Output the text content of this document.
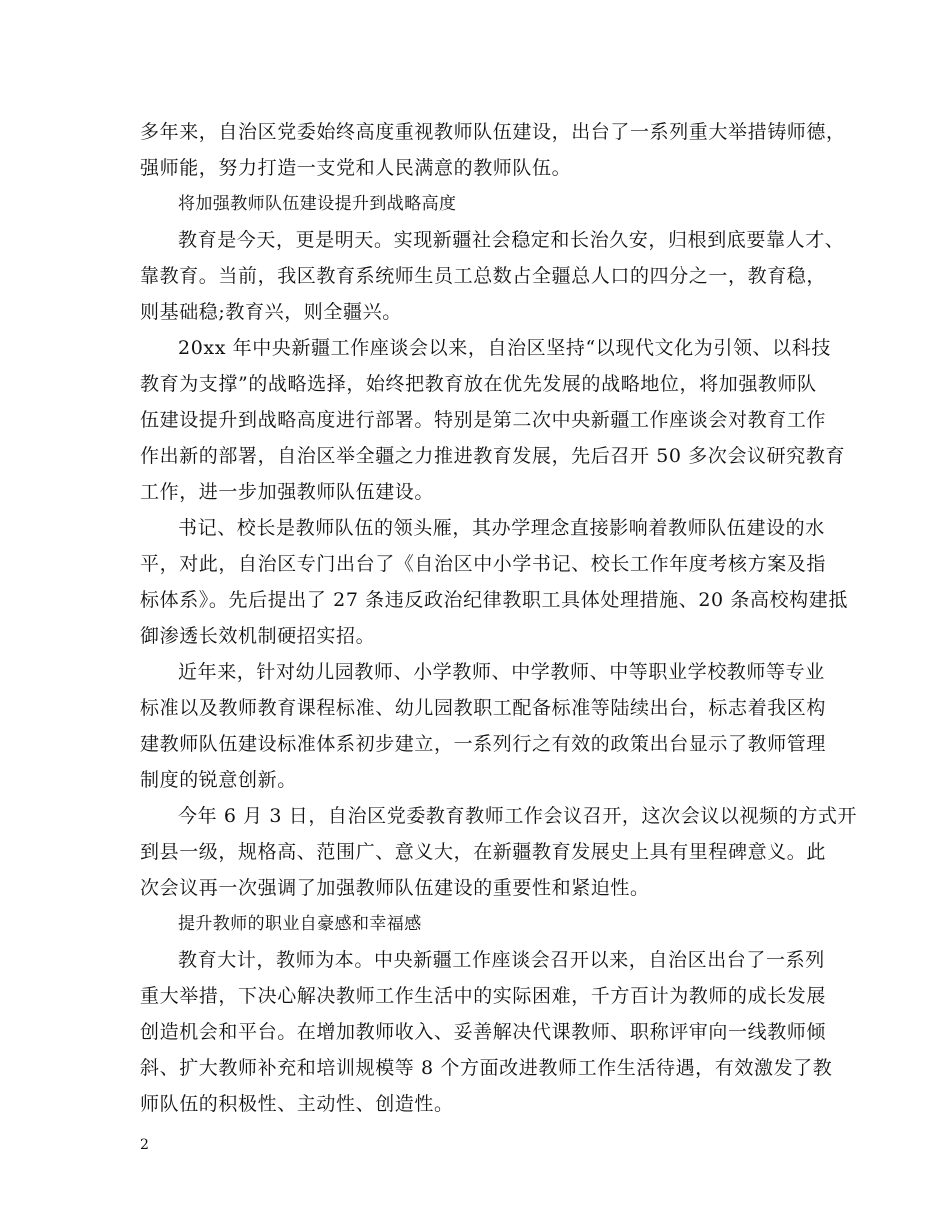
多年来，自治区党委始终高度重视教师队伍建设，出台了一系列重大举措铸师德，
强师能，努力打造一支党和人民满意的教师队伍。
将加强教师队伍建设提升到战略高度
教育是今天，更是明天。实现新疆社会稳定和长治久安，归根到底要靠人才、
靠教育。当前，我区教育系统师生员工总数占全疆总人口的四分之一，教育稳，
则基础稳;教育兴，则全疆兴。
20xx 年中央新疆工作座谈会以来，自治区坚持“以现代文化为引领、以科技
教育为支撑”的战略选择，始终把教育放在优先发展的战略地位，将加强教师队
伍建设提升到战略高度进行部署。特别是第二次中央新疆工作座谈会对教育工作
作出新的部署，自治区举全疆之力推进教育发展，先后召开 50 多次会议研究教育
工作，进一步加强教师队伍建设。
书记、校长是教师队伍的领头雁，其办学理念直接影响着教师队伍建设的水
平，对此，自治区专门出台了《自治区中小学书记、校长工作年度考核方案及指
标体系》。先后提出了 27 条违反政治纪律教职工具体处理措施、20 条高校构建抵
御渗透长效机制硬招实招。
近年来，针对幼儿园教师、小学教师、中学教师、中等职业学校教师等专业
标准以及教师教育课程标准、幼儿园教职工配备标准等陆续出台，标志着我区构
建教师队伍建设标准体系初步建立，一系列行之有效的政策出台显示了教师管理
制度的锐意创新。
今年 6 月 3 日，自治区党委教育教师工作会议召开，这次会议以视频的方式开
到县一级，规格高、范围广、意义大，在新疆教育发展史上具有里程碑意义。此
次会议再一次强调了加强教师队伍建设的重要性和紧迫性。
提升教师的职业自豪感和幸福感
教育大计，教师为本。中央新疆工作座谈会召开以来，自治区出台了一系列
重大举措，下决心解决教师工作生活中的实际困难，千方百计为教师的成长发展
创造机会和平台。在增加教师收入、妥善解决代课教师、职称评审向一线教师倾
斜、扩大教师补充和培训规模等 8 个方面改进教师工作生活待遇，有效激发了教
师队伍的积极性、主动性、创造性。
2
